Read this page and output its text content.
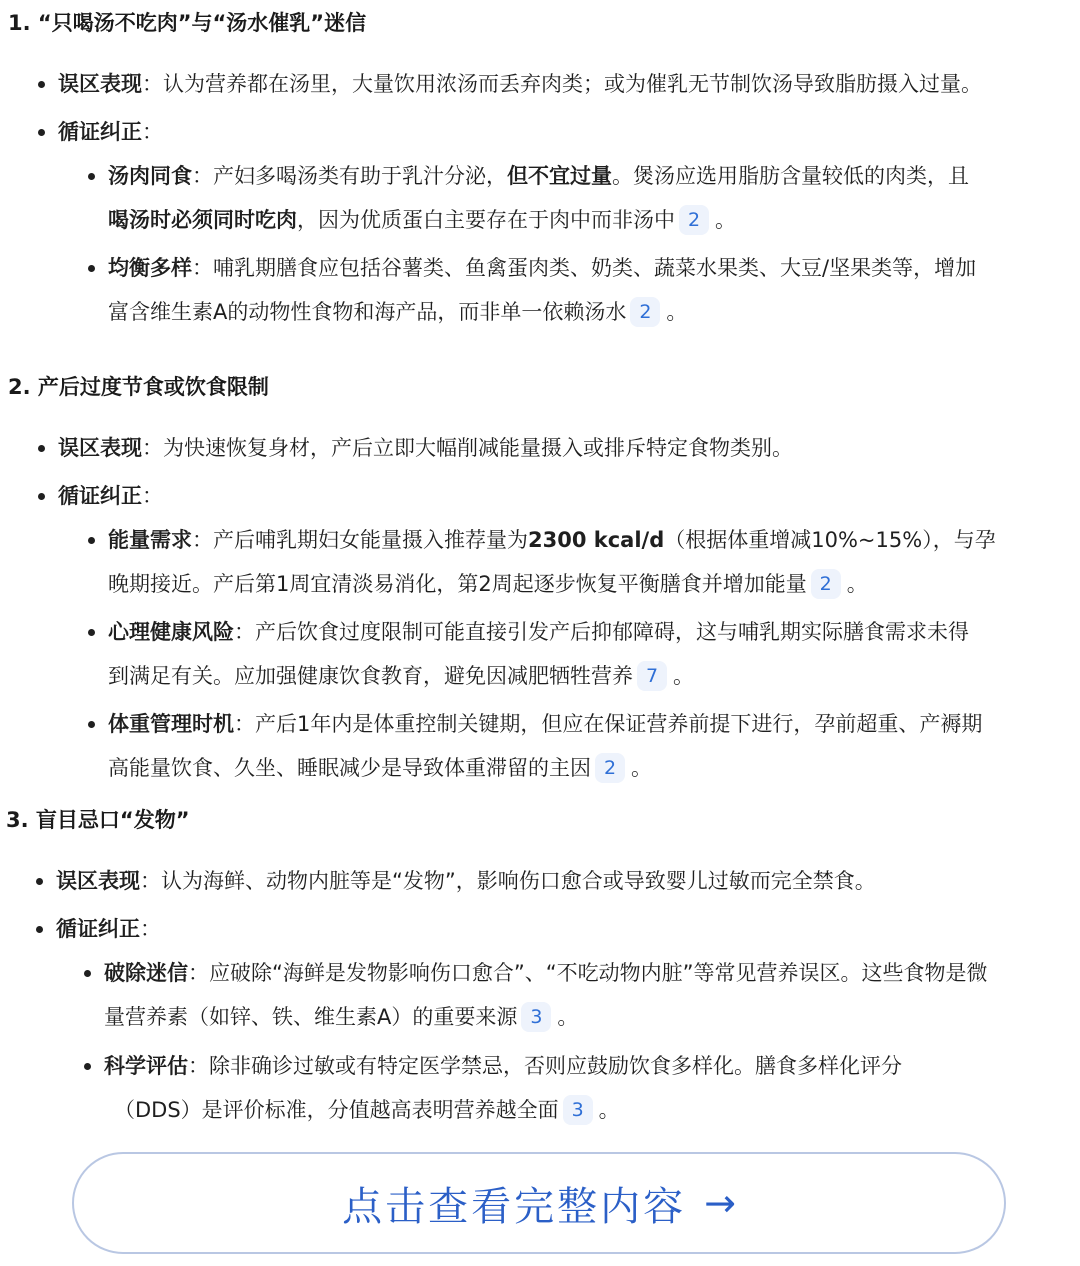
1. “只喝汤不吃肉”与“汤水催乳”迷信
误区表现：认为营养都在汤里，大量饮用浓汤而丢弃肉类；或为催乳无节制饮汤导致脂肪摄入过量。
循证纠正：
汤肉同食：产妇多喝汤类有助于乳汁分泌，但不宜过量。煲汤应选用脂肪含量较低的肉类，且
喝汤时必须同时吃肉，因为优质蛋白主要存在于肉中而非汤中 2 。
均衡多样：哺乳期膳食应包括谷薯类、鱼禽蛋肉类、奶类、蔬菜水果类、大豆/坚果类等，增加
富含维生素A的动物性食物和海产品，而非单一依赖汤水 2 。
2. 产后过度节食或饮食限制
误区表现：为快速恢复身材，产后立即大幅削减能量摄入或排斥特定食物类别。
循证纠正：
能量需求：产后哺乳期妇女能量摄入推荐量为2300 kcal/d（根据体重增减10%~15%），与孕
晚期接近。产后第1周宜清淡易消化，第2周起逐步恢复平衡膳食并增加能量 2 。
心理健康风险：产后饮食过度限制可能直接引发产后抑郁障碍，这与哺乳期实际膳食需求未得
到满足有关。应加强健康饮食教育，避免因减肥牺牲营养 7 。
体重管理时机：产后1年内是体重控制关键期，但应在保证营养前提下进行，孕前超重、产褥期
高能量饮食、久坐、睡眠减少是导致体重滞留的主因 2 。
3. 盲目忌口“发物”
误区表现：认为海鲜、动物内脏等是“发物”，影响伤口愈合或导致婴儿过敏而完全禁食。
循证纠正：
破除迷信：应破除“海鲜是发物影响伤口愈合”、“不吃动物内脏”等常见营养误区。这些食物是微
量营养素（如锌、铁、维生素A）的重要来源 3 。
科学评估：除非确诊过敏或有特定医学禁忌，否则应鼓励饮食多样化。膳食多样化评分
（DDS）是评价标准，分值越高表明营养越全面 3 。
点击查看完整内容 →
